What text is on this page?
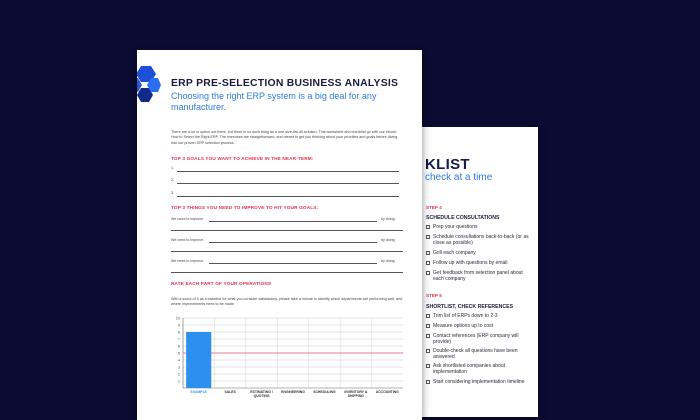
KLIST
check at a time
STEP 4
SCHEDULE CONSULTATIONS
Prep your questions
Schedule consultations back-to-back (or as close as possible)
Grill each company
Follow up with questions by email
Get feedback from selection panel about each company
STEP 5
SHORTLIST, CHECK REFERENCES
Trim list of ERPs down to 2-3
Measure options up to cost
Contact references (ERP company will provide)
Double-check all questions have been answered
Ask shortlisted companies about implementation
Start considering implementation timeline
ERP PRE-SELECTION BUSINESS ANALYSIS
Choosing the right ERP system is a big deal for any manufacturer.
There are a lot of option out there, but there is no such thing as a one-size-fits-all solution. This worksheet and checklist go with our ebook: How to Select the Right ERP. The exercises are straightforward, and meant to get you thinking about your priorities and goals before diving into our proven ERP selection process.
TOP 3 GOALS YOU WANT TO ACHIEVE IN THE NEAR-TERM:
1.
2.
3.
TOP 3 THINGS YOU NEED TO IMPROVE TO HIT YOUR GOALS:
We need to improve	by doing
We need to improve	by doing
We need to improve	by doing
RATE EACH PART OF YOUR OPERATIONS
With a score of 5 as a baseline for what you consider satisfactory, please take a minute to identify which departments are performing well, and where improvements need to be made.
10
9
8
7
6
5
4
3
2
1
EXAMPLE	SALES	ESTIMATING / QUOTING
ENGINEERING SCHEDULING	INVENTORY & SHIPPING
ACCOUNTING
